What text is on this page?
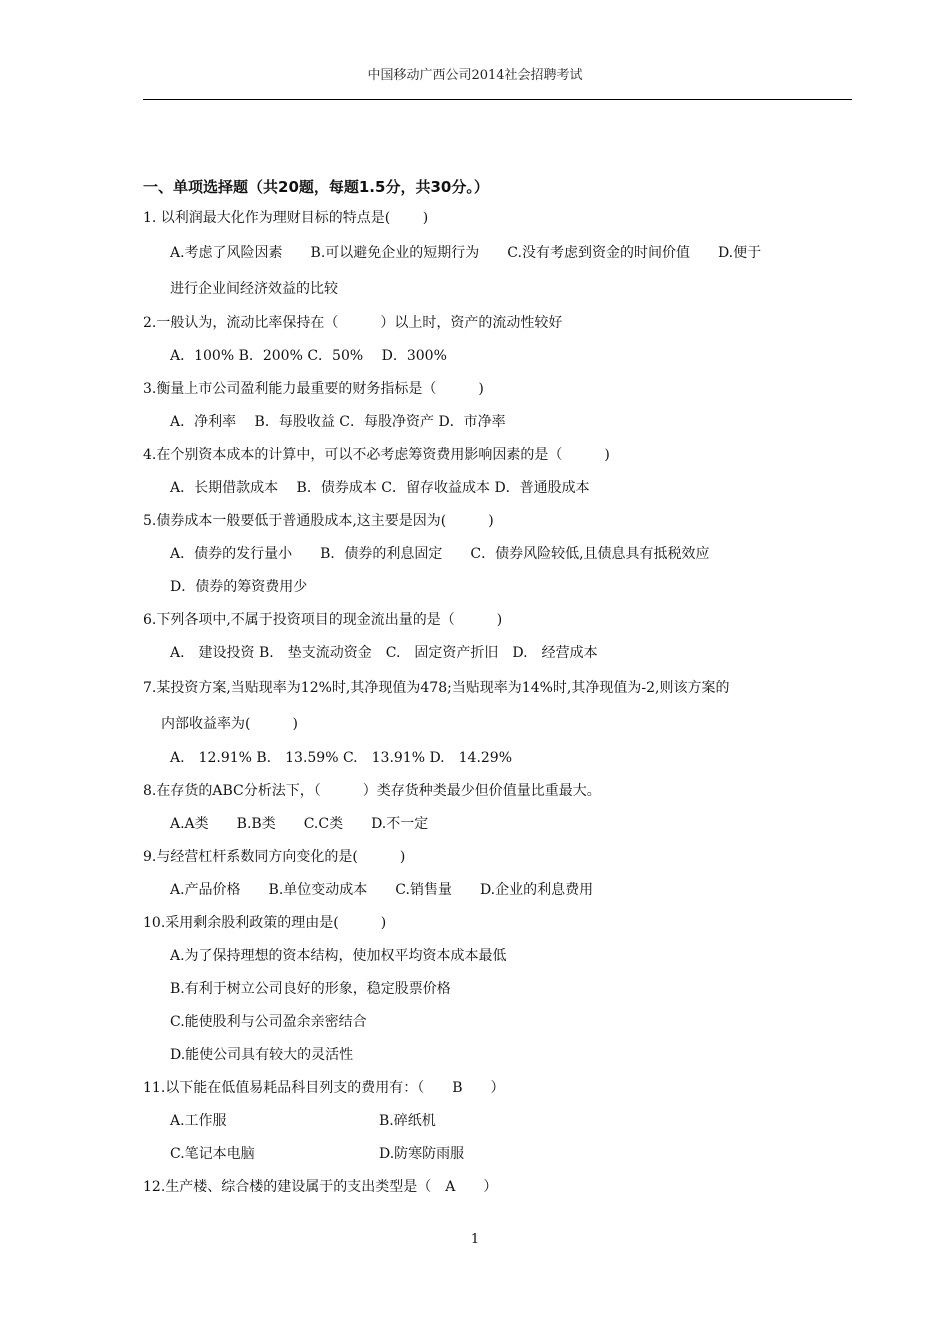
中国移动广西公司2014社会招聘考试
一、单项选择题（共20题，每题1.5分，共30分。）
1. 以利润最大化作为理财目标的特点是(　　 )
A.考虑了风险因素　　B.可以避免企业的短期行为　　C.没有考虑到资金的时间价值　　D.便于
进行企业间经济效益的比较
2.一般认为，流动比率保持在（　　　）以上时，资产的流动性较好
A．100% B．200% C．50%　 D．300%
3.衡量上市公司盈利能力最重要的财务指标是（　　　)
A．净利率　 B．每股收益 C．每股净资产 D．市净率
4.在个别资本成本的计算中，可以不必考虑筹资费用影响因素的是（　　　)
A．长期借款成本　 B．债券成本 C．留存收益成本 D．普通股成本
5.债券成本一般要低于普通股成本,这主要是因为(　　　)
A．债券的发行量小　　B．债券的利息固定　　C．债券风险较低,且债息具有抵税效应
D．债券的筹资费用少
6.下列各项中,不属于投资项目的现金流出量的是（　　　)
A.　建设投资 B.　垫支流动资金　C.　固定资产折旧　D.　经营成本
7.某投资方案,当贴现率为12%时,其净现值为478;当贴现率为14%时,其净现值为-2,则该方案的
内部收益率为(　　　)
A.　12.91% B.　13.59% C.　13.91% D.　14.29%
8.在存货的ABC分析法下，（　　　）类存货种类最少但价值量比重最大。
A.A类　　B.B类　　C.C类　　D.不一定
9.与经营杠杆系数同方向变化的是(　　　)
A.产品价格　　B.单位变动成本　　C.销售量　　D.企业的利息费用
10.采用剩余股利政策的理由是(　　　)
A.为了保持理想的资本结构，使加权平均资本成本最低
B.有利于树立公司良好的形象，稳定股票价格
C.能使股利与公司盈余亲密结合
D.能使公司具有较大的灵活性
11.以下能在低值易耗品科目列支的费用有：（　　B　　）
A.工作服	B.碎纸机
C.笔记本电脑	D.防寒防雨服
12.生产楼、综合楼的建设属于的支出类型是（　A　　）
1
